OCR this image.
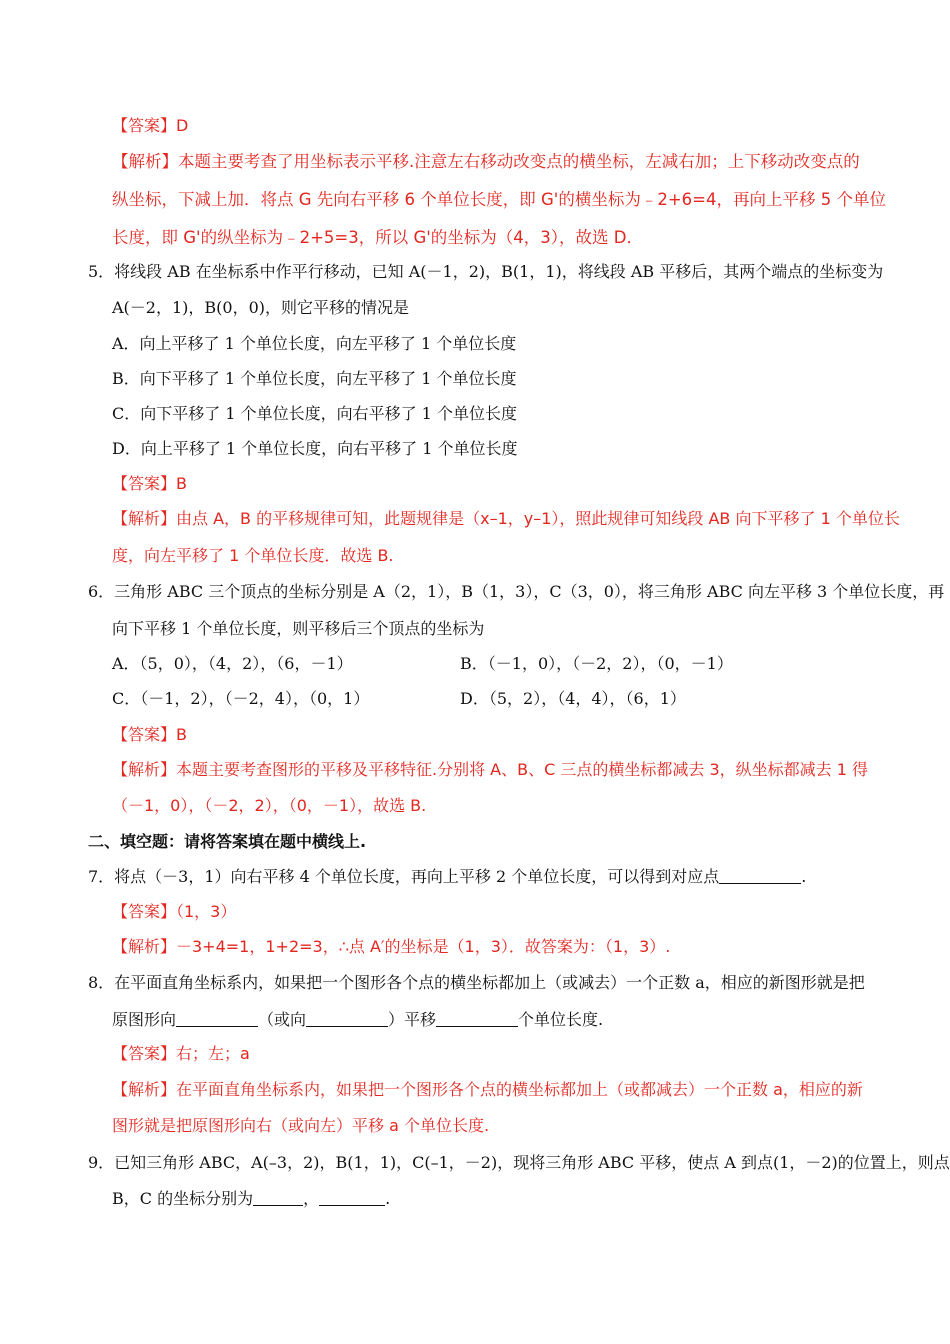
【答案】D
【解析】本题主要考查了用坐标表示平移.注意左右移动改变点的横坐标，左减右加；上下移动改变点的
纵坐标，下减上加．将点 G 先向右平移 6 个单位长度，即 G'的横坐标为﹣2+6=4，再向上平移 5 个单位
长度，即 G'的纵坐标为﹣2+5=3，所以 G'的坐标为（4，3），故选 D．
5．将线段 AB 在坐标系中作平行移动，已知 A(－1，2)，B(1，1)，将线段 AB 平移后，其两个端点的坐标变为
A(－2，1)，B(0，0)，则它平移的情况是
A．向上平移了 1 个单位长度，向左平移了 1 个单位长度
B．向下平移了 1 个单位长度，向左平移了 1 个单位长度
C．向下平移了 1 个单位长度，向右平移了 1 个单位长度
D．向上平移了 1 个单位长度，向右平移了 1 个单位长度
【答案】B
【解析】由点 A，B 的平移规律可知，此题规律是（x–1，y–1），照此规律可知线段 AB 向下平移了 1 个单位长
度，向左平移了 1 个单位长度．故选 B.
6．三角形 ABC 三个顶点的坐标分别是 A（2，1），B（1，3），C（3，0），将三角形 ABC 向左平移 3 个单位长度，再
向下平移 1 个单位长度，则平移后三个顶点的坐标为
A．（5，0），（4，2），（6，－1）	B．（－1，0），（－2，2），（0，－1）
C．（－1，2），（－2，4），（0，1）	D．（5，2），（4，4），（6，1）
【答案】B
【解析】本题主要考查图形的平移及平移特征.分别将 A、B、C 三点的横坐标都减去 3，纵坐标都减去 1 得
（－1，0），（－2，2），（0，－1），故选 B.
二、填空题：请将答案填在题中横线上.
7．将点（－3，1）向右平移 4 个单位长度，再向上平移 2 个单位长度，可以得到对应点	.
【答案】（1，3）
【解析】－3+4=1，1+2=3，∴点 A′的坐标是（1，3）．故答案为：（1，3）.
8．在平面直角坐标系内，如果把一个图形各个点的横坐标都加上（或减去）一个正数 a，相应的新图形就是把
原图形向	（或向	）平移	个单位长度.
【答案】右；左；a
【解析】在平面直角坐标系内，如果把一个图形各个点的横坐标都加上（或都减去）一个正数 a，相应的新
图形就是把原图形向右（或向左）平移 a 个单位长度.
9．已知三角形 ABC，A(–3，2)，B(1，1)，C(–1，－2)，现将三角形 ABC 平移，使点 A 到点(1，－2)的位置上，则点
B，C 的坐标分别为	，	.
